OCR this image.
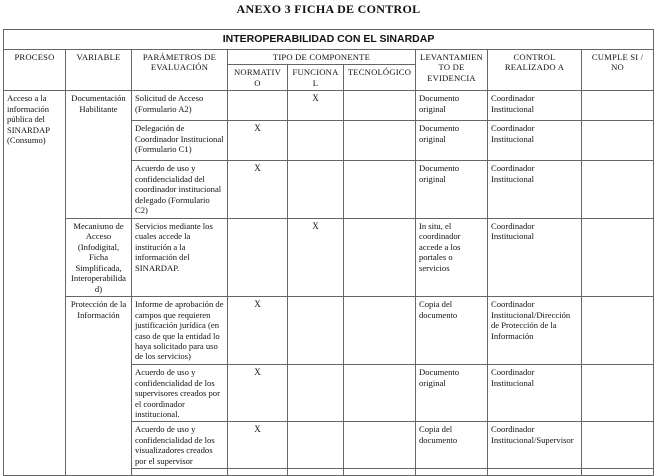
ANEXO 3 FICHA DE CONTROL
INTEROPERABILIDAD CON EL SINARDAP								
PROCESO	VARIABLE	PARÁMETROS DE EVALUACIÓN	TIPO DE COMPONENTE			LEVANTAMIENTO DE EVIDENCIA	CONTROL REALIZADO A	CUMPLE SI / NO
			NORMATIVO	FUNCIONAL	TECNOLÓGICO			
Acceso a la información pública del SINARDAP (Consumo)	Documentación Habilitante	Solicitud de Acceso (Formulario A2)		X		Documento original	Coordinador Institucional	
		Delegación de Coordinador Institucional (Formulario C1)	X			Documento original	Coordinador Institucional	
		Acuerdo de uso y confidencialidad del coordinador institucional delegado (Formulario C2)	X			Documento original	Coordinador Institucional	
	Mecanismo de Acceso (Infodigital, Ficha Simplificada, Interoperabilidad)	Servicios mediante los cuales accede la institución a la información del SINARDAP.		X		In situ, el coordinador accede a los portales o servicios	Coordinador Institucional	
	Protección de la Información	Informe de aprobación de campos que requieren justificación jurídica (en caso de que la entidad lo haya solicitado para uso de los servicios)	X			Copia del documento	Coordinador Institucional/Dirección de Protección de la Información	
		Acuerdo de uso y confidencialidad de los supervisores creados por el coordinador institucional.	X			Documento original	Coordinador Institucional	
		Acuerdo de uso y confidencialidad de los visualizadores creados por el supervisor	X			Copia del documento	Coordinador Institucional/Supervisor	
